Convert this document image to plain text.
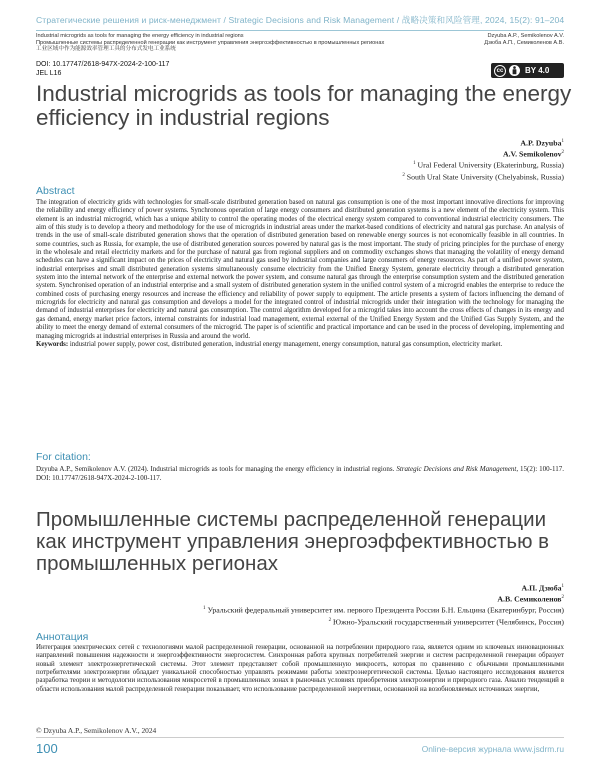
Стратегические решения и риск-менеджмент / Strategic Decisions and Risk Management / 战略决策和风险管理, 2024, 15(2): 91–204
Industrial microgrids as tools for managing the energy efficiency in industrial regions
Промышленные системы распределенной генерации как инструмент управления энергоэффективностью в промышленных регионах
工业区域中作为能源效率管理工具的分布式发电工业系统
Dzyuba A.P., Semikolenov A.V.
Дзюба А.П., Семиколенов А.В.
DOI: 10.17747/2618-947X-2024-2-100-117
JEL L16	cc	BY 4.0
Industrial microgrids as tools for managing the energy efficiency in industrial regions
A.P. Dzyuba$^1$
A.V. Semikolenov$^2$
$^1$ Ural Federal University (Ekaterinburg, Russia)
$^2$ South Ural State University (Chelyabinsk, Russia)
Abstract

The integration of electricity grids with technologies for small-scale distributed generation based on natural gas consumption is one of the most important innovative directions for improving the reliability and energy efficiency of power systems. Synchronous operation of large energy consumers and distributed generation systems is a new element of the electricity system. This element is an industrial microgrid, which has a unique ability to control the operating modes of the electrical energy system compared to conventional industrial electricity consumers. The aim of this study is to develop a theory and methodology for the use of microgrids in industrial areas under the market-based conditions of electricity and natural gas purchase. An analysis of trends in the use of small-scale distributed generation shows that the operation of distributed generation based on renewable energy sources is not economically feasible in all countries. In some countries, such as Russia, for example, the use of distributed generation sources powered by natural gas is the most important. The study of pricing principles for the purchase of energy in the wholesale and retail electricity markets and for the purchase of natural gas from regional suppliers and on commodity exchanges shows that managing the volatility of energy demand schedules can have a significant impact on the prices of electricity and natural gas used by industrial companies and large consumers of energy resources. As part of a unified power system, industrial enterprises and small distributed generation systems simultaneously consume electricity from the Unified Energy System, generate electricity through a distributed generation system into the internal network of the enterprise and external network the power system, and consume natural gas through the enterprise consumption system and the distributed generation system. Synchronised operation of an industrial enterprise and a small system of distributed generation system in the unified control system of a microgrid enables the enterprise to reduce the combined costs of purchasing energy resources and increase the efficiency and reliability of power supply to equipment. The article presents a system of factors influencing the demand of microgrids for electricity and natural gas consumption and develops a model for the integrated control of industrial microgrids under their integration with the technology for managing the demand of industrial enterprises for electricity and natural gas consumption. The control algorithm developed for a microgrid takes into account the cross effects of changes in its energy and gas demand, energy market price factors, internal constraints for industrial load management, external external of the Unified Energy System and the Unified Gas Supply System, and the ability to meet the energy demand of external consumers of the microgrid. The paper is of scientific and practical importance and can be used in the process of developing, implementing and managing microgrids at industrial enterprises in Russia and around the world.
Keywords: industrial power supply, power cost, distributed generation, industrial energy management, energy consumption, natural gas consumption, electricity market.

For citation:

Dzyuba A.P., Semikolenov A.V. (2024). Industrial microgrids as tools for managing the energy efficiency in industrial regions. Strategic Decisions and Risk Management, 15(2): 100-117. DOI: 10.17747/2618-947X-2024-2-100-117.

Промышленные системы распределенной генерации как инструмент управления энергоэффективностью в промышленных регионах
А.П. Дзюба$^1$
А.В. Семиколенов$^2$
$^1$ Уральский федеральный университет им. первого Президента России Б.Н. Ельцина (Екатеринбург, Россия)
$^2$ Южно-Уральский государственный университет (Челябинск, Россия)
Аннотация

Интеграция электрических сетей с технологиями малой распределенной генерации, основанной на потреблении природного газа, является одним из ключевых инновационных направлений повышения надежности и энергоэффективности энергосистем. Синхронная работа крупных потребителей энергии и систем распределенной генерации образует новый элемент электроэнергетической системы. Этот элемент представляет собой промышленную микросеть, которая по сравнению с обычными промышленными потребителями электроэнергии обладает уникальной способностью управлять режимами работы электроэнергетической системы. Целью настоящего исследования является разработка теории и методологии использования микросетей в промышленных зонах в рыночных условиях приобретения электроэнергии и природного газа. Анализ тенденций в области использования малой распределенной генерации показывает, что использование распределенной энергетики, основанной на возобновляемых источниках энергии,

© Dzyuba A.P., Semikolenov A.V., 2024
100	Online-версия журнала www.jsdrm.ru
